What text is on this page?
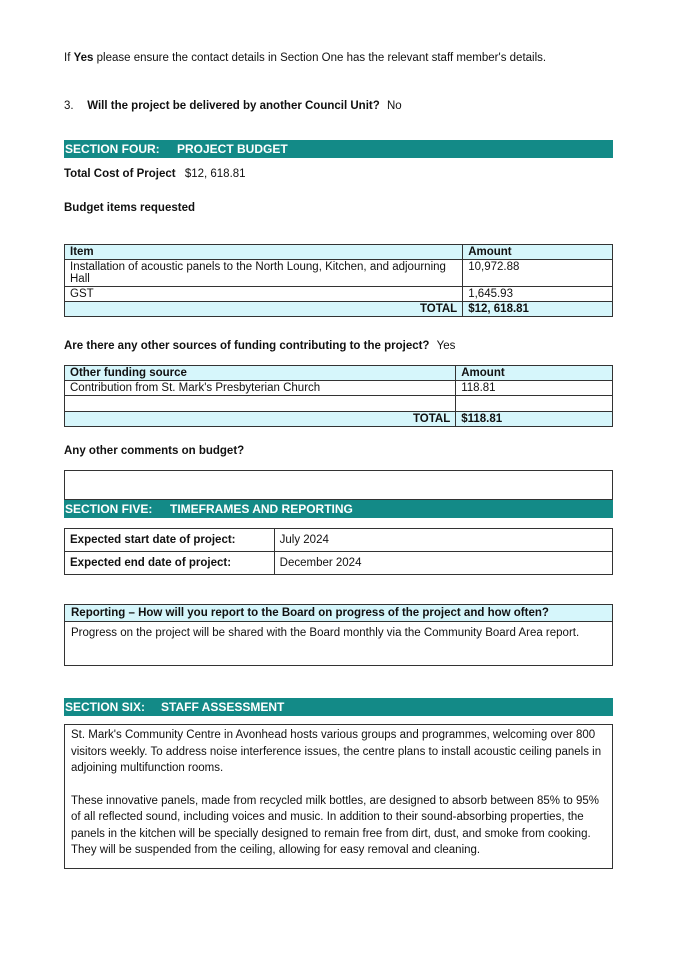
If Yes please ensure the contact details in Section One has the relevant staff member's details.
3. Will the project be delivered by another Council Unit? No
SECTION FOUR: PROJECT BUDGET
Total Cost of Project $12, 618.81
Budget items requested
Item	Amount
Installation of acoustic panels to the North Loung, Kitchen, and adjourning Hall	10,972.88
GST	1,645.93
TOTAL	$12, 618.81
Are there any other sources of funding contributing to the project? Yes
Other funding source	Amount
Contribution from St. Mark's Presbyterian Church	118.81

TOTAL	$118.81
Any other comments on budget?
SECTION FIVE: TIMEFRAMES AND REPORTING
Expected start date of project:	July 2024
Expected end date of project:	December 2024
Reporting – How will you report to the Board on progress of the project and how often?
Progress on the project will be shared with the Board monthly via the Community Board Area report.
SECTION SIX: STAFF ASSESSMENT
St. Mark's Community Centre in Avonhead hosts various groups and programmes, welcoming over 800 visitors weekly. To address noise interference issues, the centre plans to install acoustic ceiling panels in adjoining multifunction rooms.
These innovative panels, made from recycled milk bottles, are designed to absorb between 85% to 95% of all reflected sound, including voices and music. In addition to their sound-absorbing properties, the panels in the kitchen will be specially designed to remain free from dirt, dust, and smoke from cooking. They will be suspended from the ceiling, allowing for easy removal and cleaning.
